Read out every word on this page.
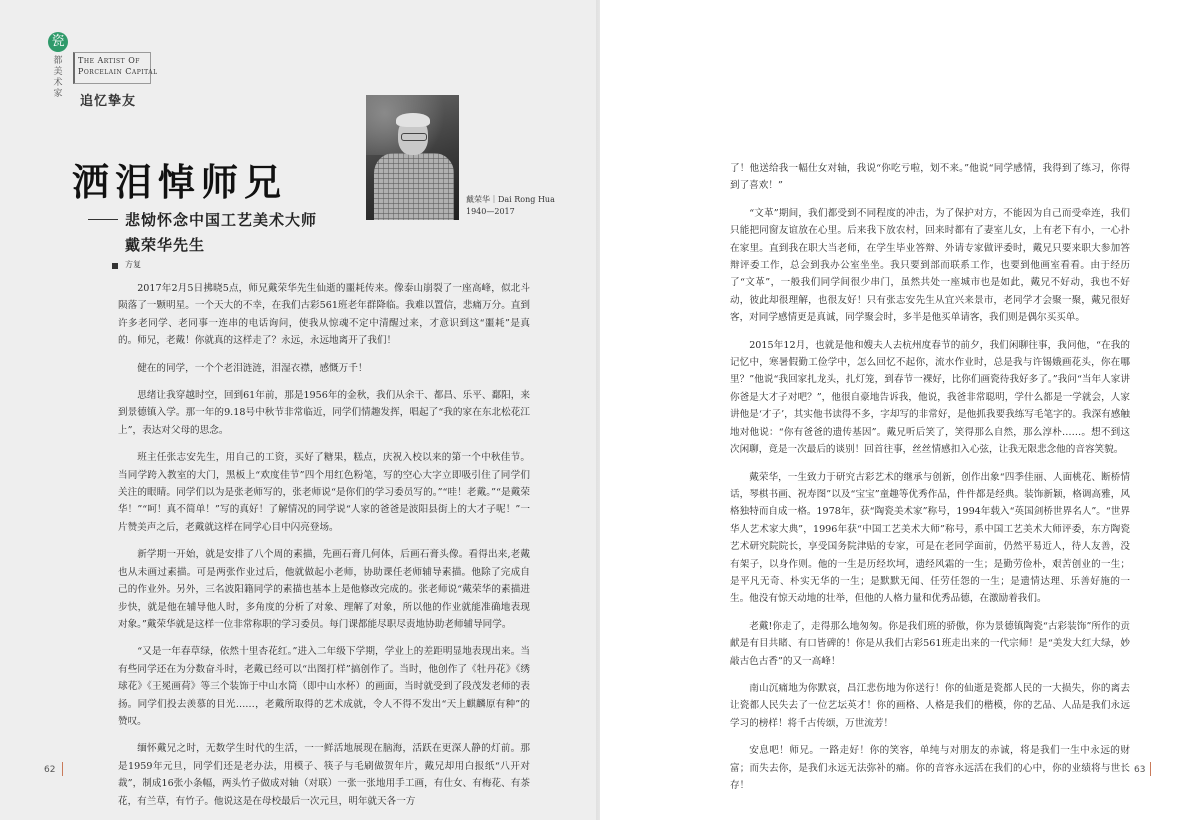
瓷
都
美
术
家
The Artist Of
Porcelain Capital
追忆挚友
洒泪悼师兄
悲恸怀念中国工艺美术大师
戴荣华先生
方复
戴荣华｜Dai Rong Hua
1940—2017

2017年2月5日拂晓5点，师兄戴荣华先生仙逝的噩耗传来。像泰山崩裂了一座高峰，似北斗陨落了一颗明星。一个天大的不幸，在我们古彩561班老年群降临。我难以置信，悲痛万分。直到许多老同学、老同事一连串的电话询问，使我从惊魂不定中清醒过来，才意识到这“噩耗”是真的。师兄，老戴！你就真的这样走了？永远，永远地离开了我们！

健在的同学，一个个老泪涟涟，泪湿衣襟，感慨万千！

思绪让我穿越时空，回到61年前，那是1956年的金秋，我们从余干、都昌、乐平、鄱阳，来到景德镇入学。那一年的9.18号中秋节非常临近，同学们情趣发挥，唱起了“我的家在东北松花江上”，表达对父母的思念。

班主任张志安先生，用自己的工资，买好了糖果，糕点，庆祝入校以来的第一个中秋佳节。当同学跨入教室的大门，黑板上“欢度佳节”四个用红色粉笔，写的空心大字立即吸引住了同学们关注的眼睛。同学们以为是张老师写的，张老师说“是你们的学习委员写的。”“哇！老戴。”“是戴荣华！”“呵！真不简单！”写的真好！了解情况的同学说“人家的爸爸是波阳县街上的大才子呢！”一片赞美声之后，老戴就这样在同学心目中闪亮登场。

新学期一开始，就是安排了八个周的素描，先画石膏几何体，后画石膏头像。看得出来,老戴也从未画过素描。可是两张作业过后，他就做起小老师，协助课任老师辅导素描。他除了完成自己的作业外。另外，三名波阳籍同学的素描也基本上是他修改完成的。张老师说“戴荣华的素描进步快，就是他在辅导他人时，多角度的分析了对象、理解了对象，所以他的作业就能准确地表现对象。”戴荣华就是这样一位非常称职的学习委员。每门课都能尽职尽责地协助老师辅导同学。

“又是一年春草绿，依然十里杏花红。”进入二年级下学期，学业上的差距明显地表现出来。当有些同学还在为分数奋斗时，老戴已经可以“出图打样”搞创作了。当时，他创作了《牡丹花》《绣球花》《王冕画荷》等三个装饰于中山水筒（即中山水杯）的画面，当时就受到了段茂发老师的表扬。同学们投去羡慕的目光……，老戴所取得的艺术成就，令人不得不发出“天上麒麟原有种”的赞叹。

缅怀戴兄之时，无数学生时代的生活，一一鲜活地展现在脑海，活跃在更深人静的灯前。那是1959年元旦，同学们还是老办法，用模子、筷子与毛刷做贺年片，戴兄却用白报纸“八开对裁”，制成16张小条幅，两头竹子做成对轴（对联）一张一张地用手工画，有仕女、有梅花、有茶花，有兰草，有竹子。他说这是在母校最后一次元旦，明年就天各一方

62

了！他送给我一幅仕女对轴，我说“你吃亏啦，划不来。”他说“同学感情，我得到了练习，你得到了喜欢！”

“文革”期间，我们都受到不同程度的冲击，为了保护对方，不能因为自己而受牵连，我们只能把同窗友谊放在心里。后来我下放农村，回来时都有了妻室儿女，上有老下有小，一心扑在家里。直到我在职大当老师，在学生毕业答辩、外请专家做评委时，戴兄只要来职大参加答辩评委工作，总会到我办公室坐坐。我只要到部而联系工作，也要到他画室看看。由于经历了“文革”，一般我们同学间很少串门，虽然共处一座城市也是如此，戴兄不好动，我也不好动，彼此却很理解，也很友好！只有张志安先生从宜兴来景市，老同学才会聚一聚，戴兄很好客，对同学感情更是真诚，同学聚会时，多半是他买单请客，我们则是偶尔买买单。

2015年12月，也就是他和嫂夫人去杭州度春节的前夕，我们闲聊往事，我问他，“在我的记忆中，寒暑假勤工俭学中，怎么回忆不起你，流水作业时，总是我与许锡娥画花头，你在哪里？”他说“我回家扎龙头，扎灯笼，到春节一裸好，比你们画瓷待我好多了。”我问“当年人家讲你爸是大才子对吧？”，他很自豪地告诉我，他说，我爸非常聪明，学什么都是一学就会，人家讲他是‘才子’，其实他书读得不多，字却写的非常好，是他抓我要我练写毛笔字的。我深有感触地对他说：“你有爸爸的遗传基因”。戴兄听后笑了，笑得那么自然，那么淳朴……。想不到这次闲聊，竟是一次最后的谈别！回首往事，丝丝情感扣入心弦，让我无限悲念他的音容笑貌。

戴荣华，一生致力于研究古彩艺术的继承与创新，创作出象“四季佳丽、人面桃花、断桥情话，琴棋书画、祝寿图”以及“宝宝”童趣等优秀作品，件件都是经典。装饰新颖，格调高雅，风格独特而自成一格。1978年，获“陶瓷美术家”称号，1994年载入“英国剑桥世界名人”。“世界华人艺术家大典”，1996年获“中国工艺美术大师”称号，系中国工艺美术大师评委，东方陶瓷艺术研究院院长，享受国务院津贴的专家，可是在老同学面前，仍然平易近人，待人友善，没有架子，以身作则。他的一生是历经坎坷，遗经风霜的一生；是勤劳俭朴，艰苦创业的一生；是平凡无奇、朴实无华的一生；是默默无闻、任劳任怨的一生；是遗情达理、乐善好施的一生。他没有惊天动地的壮举，但他的人格力量和优秀品德，在激励着我们。

老戴!你走了，走得那么地匆匆。你是我们班的骄傲，你为景德镇陶瓷“古彩装饰”所作的贡献是有目共睹、有口皆碑的！你是从我们古彩561班走出来的一代宗师！是“美发大红大绿，妙敲古色古香”的又一高峰！

南山沉痛地为你默哀，昌江悲伤地为你送行！你的仙逝是瓷都人民的一大损失，你的离去让瓷都人民失去了一位艺坛英才！你的画格、人格是我们的楷模，你的艺品、人品是我们永远学习的榜样！将千古传颂，万世流芳！

安息吧！师兄。一路走好！你的笑容，单纯与对朋友的赤诚，将是我们一生中永远的财富；而失去你，是我们永远无法弥补的痛。你的音容永远活在我们的心中，你的业绩将与世长存！

63
